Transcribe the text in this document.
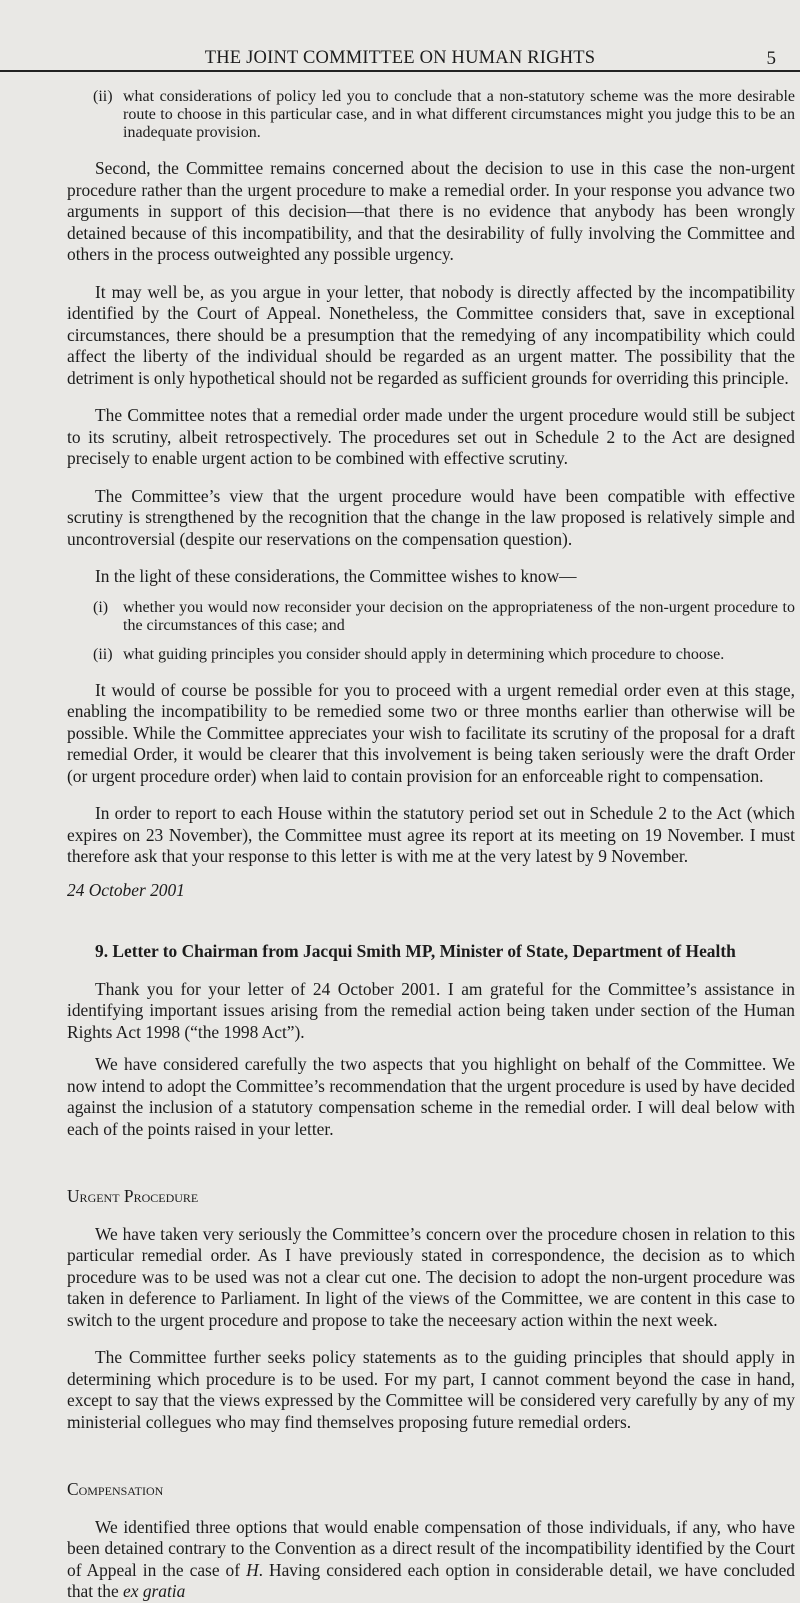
THE JOINT COMMITTEE ON HUMAN RIGHTS	5
(ii) what considerations of policy led you to conclude that a non-statutory scheme was the more desirable route to choose in this particular case, and in what different circumstances might you judge this to be an inadequate provision.

Second, the Committee remains concerned about the decision to use in this case the non-urgent procedure rather than the urgent procedure to make a remedial order. In your response you advance two arguments in support of this decision—that there is no evidence that anybody has been wrongly detained because of this incompatibility, and that the desirability of fully involving the Committee and others in the process outweighted any possible urgency.

It may well be, as you argue in your letter, that nobody is directly affected by the incompatibility identified by the Court of Appeal. Nonetheless, the Committee considers that, save in exceptional circumstances, there should be a presumption that the remedying of any incompatibility which could affect the liberty of the individual should be regarded as an urgent matter. The possibility that the detriment is only hypothetical should not be regarded as sufficient grounds for overriding this principle.

The Committee notes that a remedial order made under the urgent procedure would still be subject to its scrutiny, albeit retrospectively. The procedures set out in Schedule 2 to the Act are designed precisely to enable urgent action to be combined with effective scrutiny.

The Committee’s view that the urgent procedure would have been compatible with effective scrutiny is strengthened by the recognition that the change in the law proposed is relatively simple and uncontroversial (despite our reservations on the compensation question).

In the light of these considerations, the Committee wishes to know—

(i) whether you would now reconsider your decision on the appropriateness of the non-urgent procedure to the circumstances of this case; and
(ii) what guiding principles you consider should apply in determining which procedure to choose.

It would of course be possible for you to proceed with a urgent remedial order even at this stage, enabling the incompatibility to be remedied some two or three months earlier than otherwise will be possible. While the Committee appreciates your wish to facilitate its scrutiny of the proposal for a draft remedial Order, it would be clearer that this involvement is being taken seriously were the draft Order (or urgent procedure order) when laid to contain provision for an enforceable right to compensation.

In order to report to each House within the statutory period set out in Schedule 2 to the Act (which expires on 23 November), the Committee must agree its report at its meeting on 19 November. I must therefore ask that your response to this letter is with me at the very latest by 9 November.

24 October 2001

9. Letter to Chairman from Jacqui Smith MP, Minister of State, Department of Health

Thank you for your letter of 24 October 2001. I am grateful for the Committee’s assistance in identifying important issues arising from the remedial action being taken under section of the Human Rights Act 1998 (“the 1998 Act”).

We have considered carefully the two aspects that you highlight on behalf of the Committee. We now intend to adopt the Committee’s recommendation that the urgent procedure is used by have decided against the inclusion of a statutory compensation scheme in the remedial order. I will deal below with each of the points raised in your letter.

Urgent Procedure

We have taken very seriously the Committee’s concern over the procedure chosen in relation to this particular remedial order. As I have previously stated in correspondence, the decision as to which procedure was to be used was not a clear cut one. The decision to adopt the non-urgent procedure was taken in deference to Parliament. In light of the views of the Committee, we are content in this case to switch to the urgent procedure and propose to take the neceesary action within the next week.

The Committee further seeks policy statements as to the guiding principles that should apply in determining which procedure is to be used. For my part, I cannot comment beyond the case in hand, except to say that the views expressed by the Committee will be considered very carefully by any of my ministerial collegues who may find themselves proposing future remedial orders.

Compensation

We identified three options that would enable compensation of those individuals, if any, who have been detained contrary to the Convention as a direct result of the incompatibility identified by the Court of Appeal in the case of H. Having considered each option in considerable detail, we have concluded that the ex gratia
